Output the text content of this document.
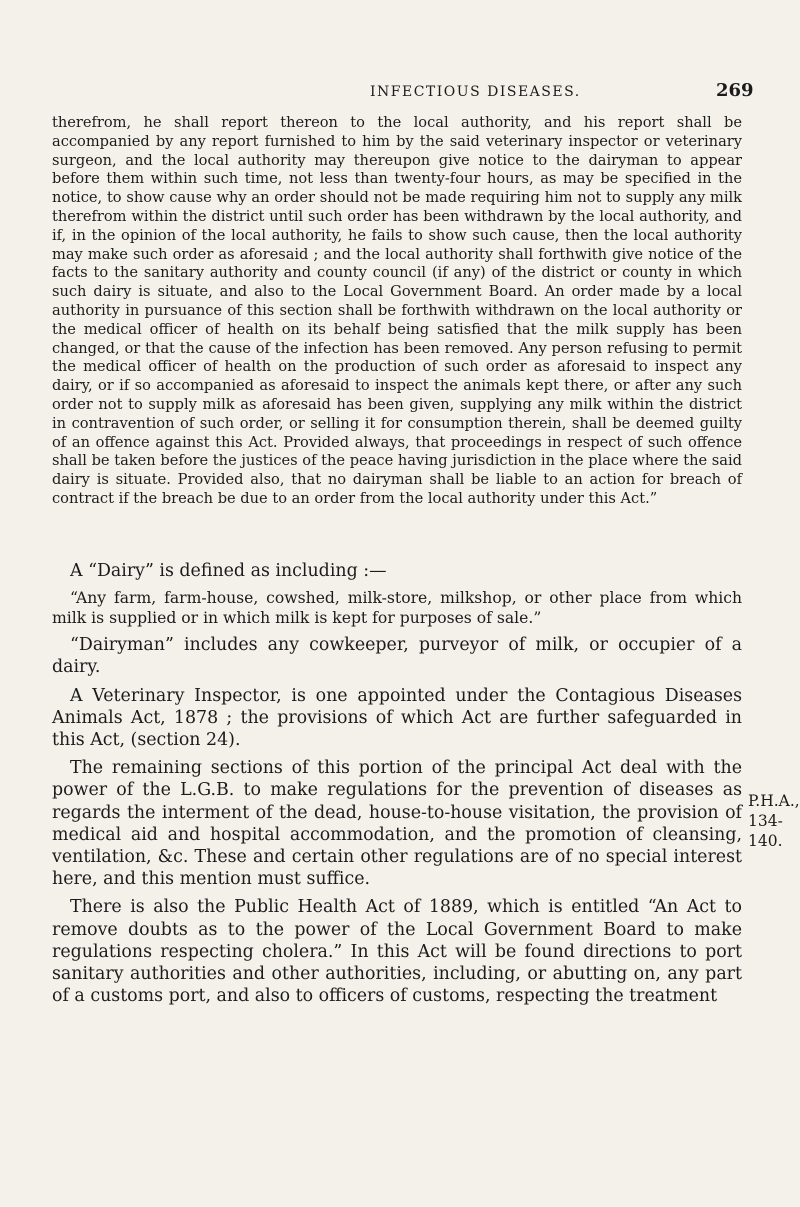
INFECTIOUS DISEASES.	269

therefrom, he shall report thereon to the local authority, and his report shall be accompanied by any report furnished to him by the said veterinary inspector or veterinary surgeon, and the local authority may thereupon give notice to the dairyman to appear before them within such time, not less than twenty-four hours, as may be specified in the notice, to show cause why an order should not be made requiring him not to supply any milk therefrom within the district until such order has been withdrawn by the local authority, and if, in the opinion of the local authority, he fails to show such cause, then the local authority may make such order as aforesaid ; and the local authority shall forthwith give notice of the facts to the sanitary authority and county council (if any) of the district or county in which such dairy is situate, and also to the Local Government Board. An order made by a local authority in pursuance of this section shall be forthwith withdrawn on the local authority or the medical officer of health on its behalf being satisfied that the milk supply has been changed, or that the cause of the infection has been removed. Any person refusing to permit the medical officer of health on the production of such order as aforesaid to inspect any dairy, or if so accompanied as aforesaid to inspect the animals kept there, or after any such order not to supply milk as aforesaid has been given, supplying any milk within the district in contravention of such order, or selling it for consumption therein, shall be deemed guilty of an offence against this Act. Provided always, that proceedings in respect of such offence shall be taken before the justices of the peace having jurisdiction in the place where the said dairy is situate. Provided also, that no dairyman shall be liable to an action for breach of contract if the breach be due to an order from the local authority under this Act.”

A “Dairy” is defined as including :—

“Any farm, farm-house, cowshed, milk-store, milkshop, or other place from which milk is supplied or in which milk is kept for purposes of sale.”

“Dairyman” includes any cowkeeper, purveyor of milk, or occupier of a dairy.

A Veterinary Inspector, is one appointed under the Contagious Diseases Animals Act, 1878 ; the provisions of which Act are further safeguarded in this Act, (section 24).

The remaining sections of this portion of the principal Act deal with the power of the L.G.B. to make regulations for the prevention of diseases as regards the interment of the dead, house-to-house visitation, the provision of medical aid and hospital accommodation, and the promotion of cleansing, ventilation, &c. These and certain other regulations are of no special interest here, and this mention must suffice.

There is also the Public Health Act of 1889, which is entitled “An Act to remove doubts as to the power of the Local Government Board to make regulations respecting cholera.” In this Act will be found directions to port sanitary authorities and other authorities, including, or abutting on, any part of a customs port, and also to officers of customs, respecting the treatment

P.H.A.,
134-140.
